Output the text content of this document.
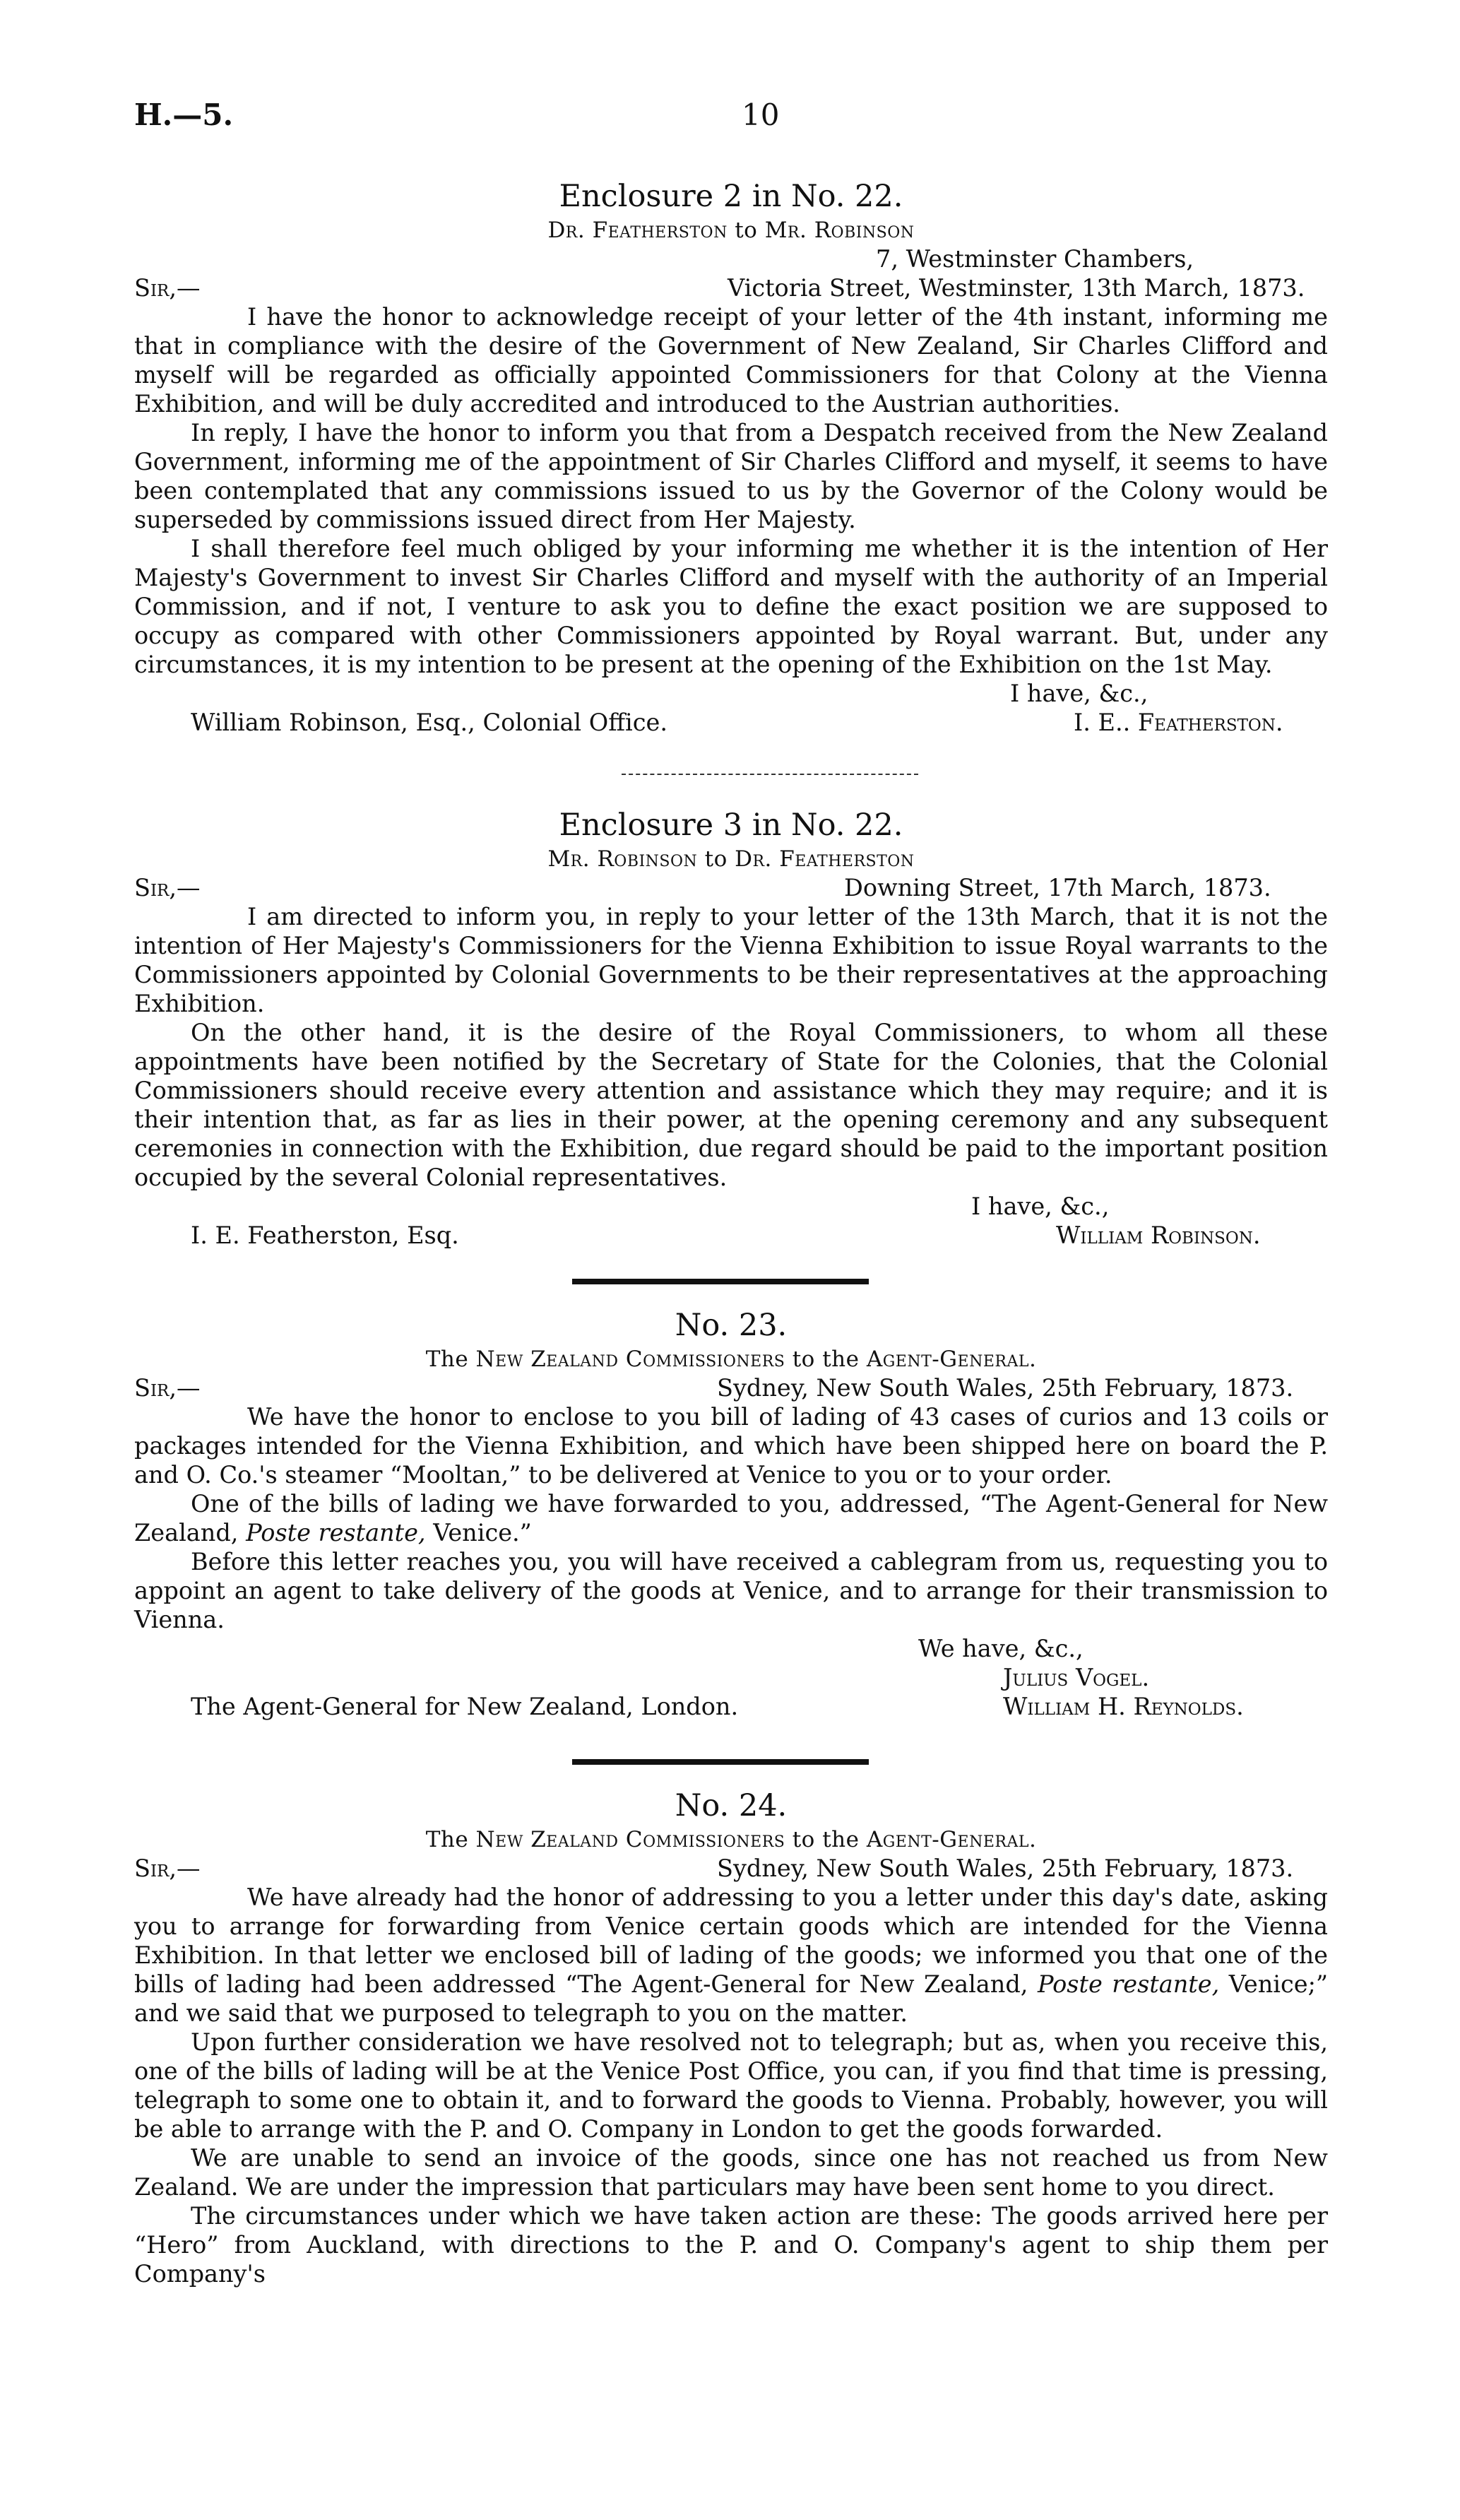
H.—5.	10
Enclosure 2 in No. 22.
Dr. Featherston to Mr. Robinson
7, Westminster Chambers,
Sir,—	Victoria Street, Westminster, 13th March, 1873.

I have the honor to acknowledge receipt of your letter of the 4th instant, informing me that in compliance with the desire of the Government of New Zealand, Sir Charles Clifford and myself will be regarded as officially appointed Commissioners for that Colony at the Vienna Exhibition, and will be duly accredited and introduced to the Austrian authorities.

In reply, I have the honor to inform you that from a Despatch received from the New Zealand Government, informing me of the appointment of Sir Charles Clifford and myself, it seems to have been contemplated that any commissions issued to us by the Governor of the Colony would be superseded by commissions issued direct from Her Majesty.

I shall therefore feel much obliged by your informing me whether it is the intention of Her Majesty's Government to invest Sir Charles Clifford and myself with the authority of an Imperial Commission, and if not, I venture to ask you to define the exact position we are supposed to occupy as compared with other Commissioners appointed by Royal warrant. But, under any circumstances, it is my intention to be present at the opening of the Exhibition on the 1st May.

I have, &c.,
William Robinson, Esq., Colonial Office.	I. E.. Featherston.
Enclosure 3 in No. 22.
Mr. Robinson to Dr. Featherston
Sir,—	Downing Street, 17th March, 1873.

I am directed to inform you, in reply to your letter of the 13th March, that it is not the intention of Her Majesty's Commissioners for the Vienna Exhibition to issue Royal warrants to the Commissioners appointed by Colonial Governments to be their representatives at the approaching Exhibition.

On the other hand, it is the desire of the Royal Commissioners, to whom all these appointments have been notified by the Secretary of State for the Colonies, that the Colonial Commissioners should receive every attention and assistance which they may require; and it is their intention that, as far as lies in their power, at the opening ceremony and any subsequent ceremonies in connection with the Exhibition, due regard should be paid to the important position occupied by the several Colonial representatives.

I have, &c.,
I. E. Featherston, Esq.	William Robinson.
No. 23.
The New Zealand Commissioners to the Agent-General.
Sir,—	Sydney, New South Wales, 25th February, 1873.

We have the honor to enclose to you bill of lading of 43 cases of curios and 13 coils or packages intended for the Vienna Exhibition, and which have been shipped here on board the P. and O. Co.'s steamer “Mooltan,” to be delivered at Venice to you or to your order.

One of the bills of lading we have forwarded to you, addressed, “The Agent-General for New Zealand, Poste restante, Venice.”

Before this letter reaches you, you will have received a cablegram from us, requesting you to appoint an agent to take delivery of the goods at Venice, and to arrange for their transmission to Vienna.

We have, &c.,
Julius Vogel.
The Agent-General for New Zealand, London.	William H. Reynolds.
No. 24.
The New Zealand Commissioners to the Agent-General.
Sir,—	Sydney, New South Wales, 25th February, 1873.

We have already had the honor of addressing to you a letter under this day's date, asking you to arrange for forwarding from Venice certain goods which are intended for the Vienna Exhibition. In that letter we enclosed bill of lading of the goods; we informed you that one of the bills of lading had been addressed “The Agent-General for New Zealand, Poste restante, Venice;” and we said that we purposed to telegraph to you on the matter.

Upon further consideration we have resolved not to telegraph; but as, when you receive this, one of the bills of lading will be at the Venice Post Office, you can, if you find that time is pressing, telegraph to some one to obtain it, and to forward the goods to Vienna. Probably, however, you will be able to arrange with the P. and O. Company in London to get the goods forwarded.

We are unable to send an invoice of the goods, since one has not reached us from New Zealand. We are under the impression that particulars may have been sent home to you direct.

The circumstances under which we have taken action are these: The goods arrived here per “Hero” from Auckland, with directions to the P. and O. Company's agent to ship them per Company's
